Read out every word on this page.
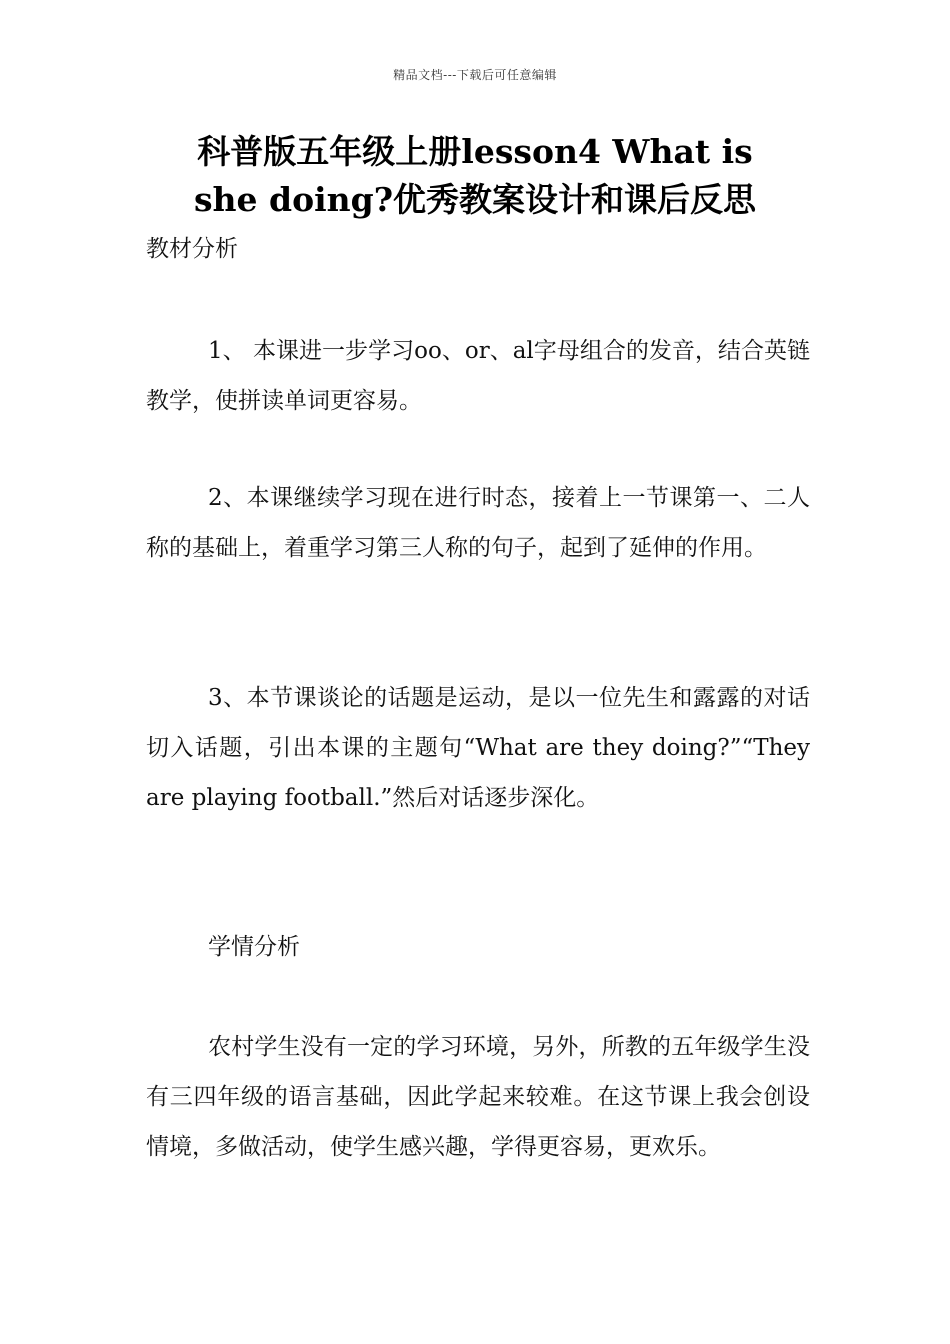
精品文档---下载后可任意编辑
科普版五年级上册lesson4 What is
she doing?优秀教案设计和课后反思
教材分析
1、 本课进一步学习oo、or、al字母组合的发音，结合英链教学，使拼读单词更容易。
2、本课继续学习现在进行时态，接着上一节课第一、二人称的基础上，着重学习第三人称的句子，起到了延伸的作用。
3、本节课谈论的话题是运动，是以一位先生和露露的对话切入话题，引出本课的主题句“What are they doing?”“They are playing football.”然后对话逐步深化。
学情分析
农村学生没有一定的学习环境，另外，所教的五年级学生没有三四年级的语言基础，因此学起来较难。在这节课上我会创设情境，多做活动，使学生感兴趣，学得更容易，更欢乐。
